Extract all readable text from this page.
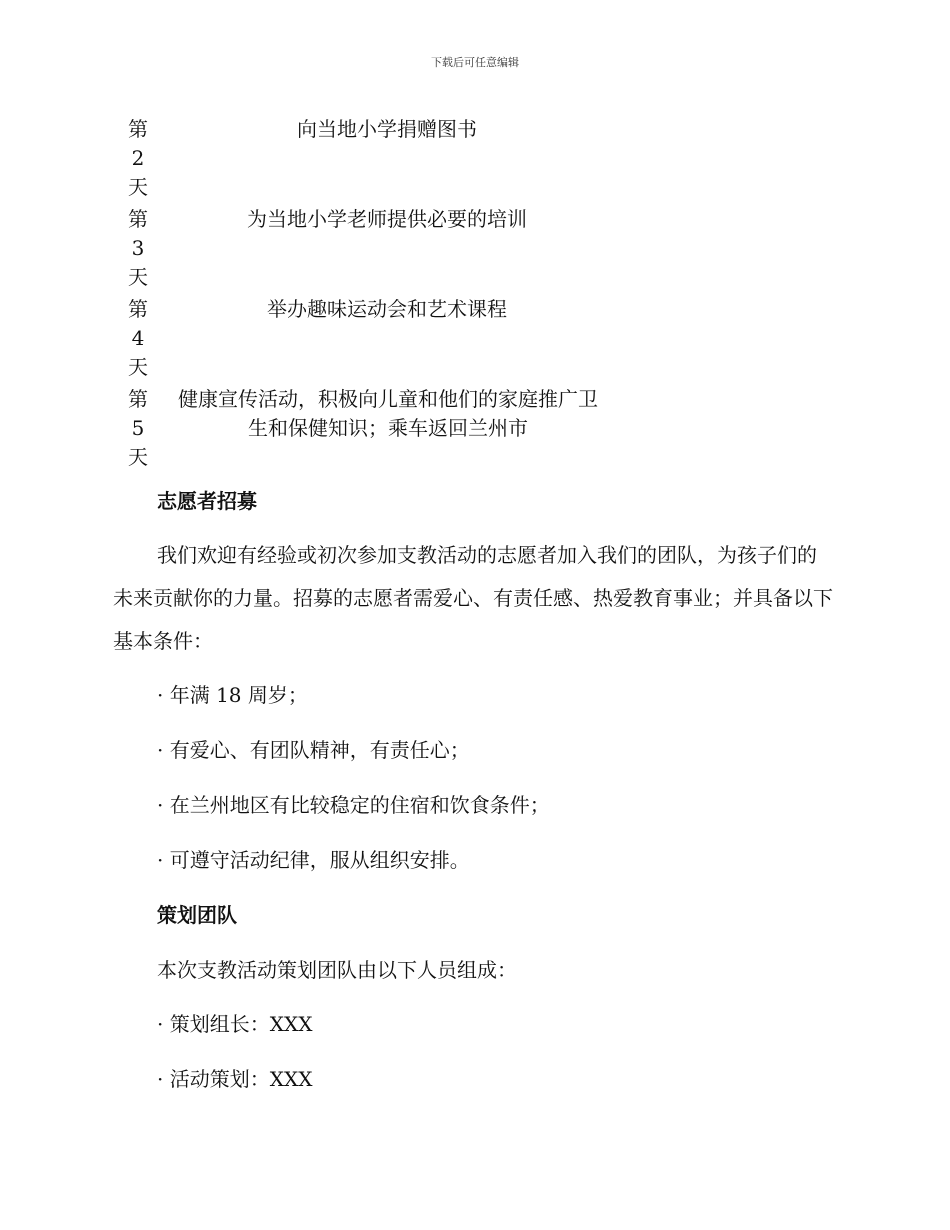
下载后可任意编辑
第
2
天
向当地小学捐赠图书
第
3
天
为当地小学老师提供必要的培训
第
4
天
举办趣味运动会和艺术课程
第
5
天
健康宣传活动，积极向儿童和他们的家庭推广卫生和保健知识；乘车返回兰州市
志愿者招募
我们欢迎有经验或初次参加支教活动的志愿者加入我们的团队，为孩子们的未来贡献你的力量。招募的志愿者需爱心、有责任感、热爱教育事业；并具备以下基本条件：
· 年满 18 周岁；
· 有爱心、有团队精神，有责任心；
· 在兰州地区有比较稳定的住宿和饮食条件；
· 可遵守活动纪律，服从组织安排。
策划团队
本次支教活动策划团队由以下人员组成：
· 策划组长：XXX
· 活动策划：XXX
